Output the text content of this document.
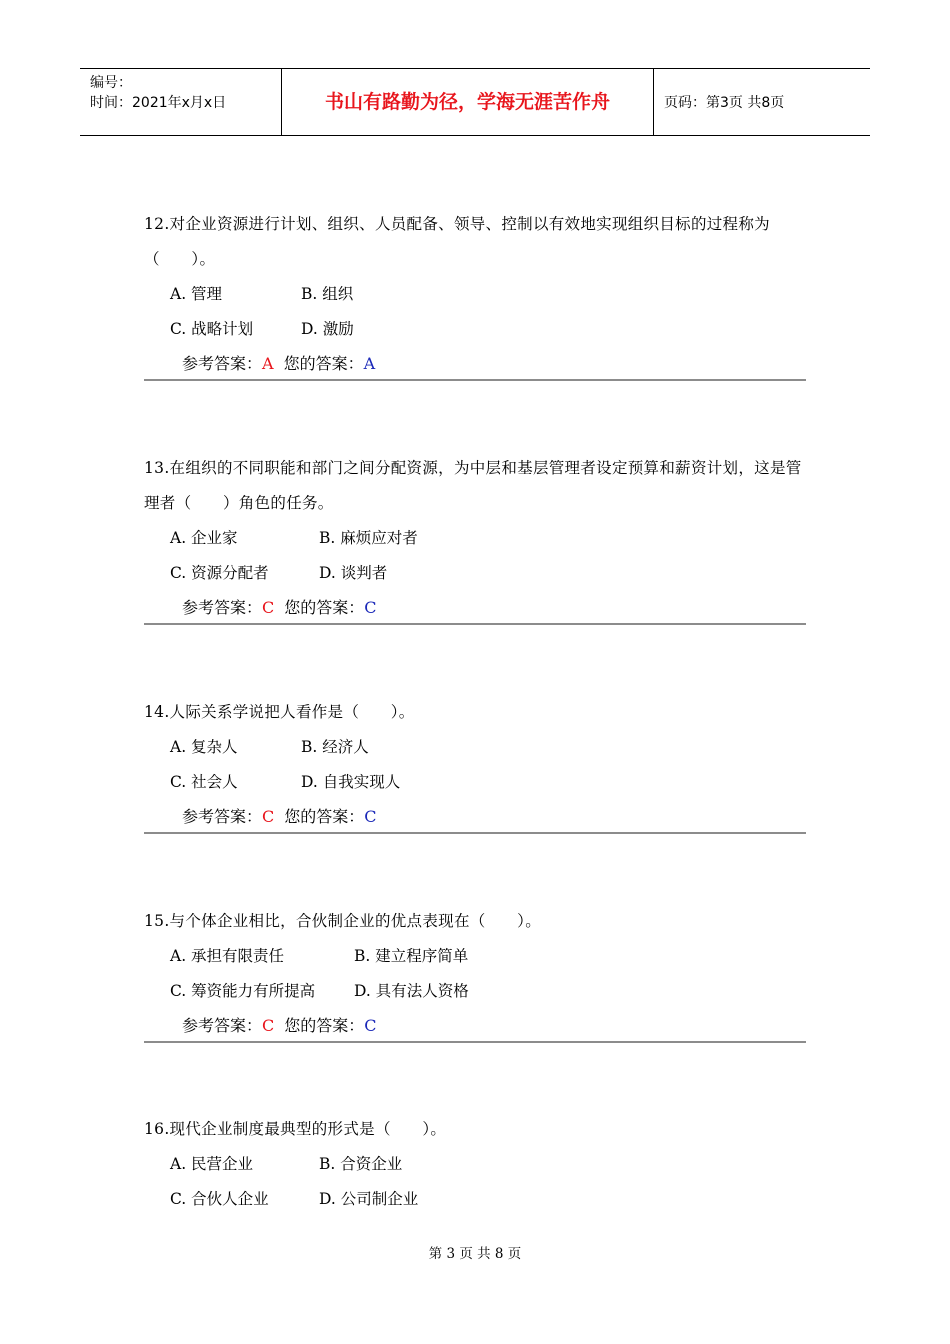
编号：
时间：2021年x月x日	书山有路勤为径，学海无涯苦作舟	页码：第3页 共8页
12.对企业资源进行计划、组织、人员配备、领导、控制以有效地实现组织目标的过程称为（　　）。
A. 管理	B. 组织
C. 战略计划	D. 激励
参考答案：A 您的答案：A
13.在组织的不同职能和部门之间分配资源，为中层和基层管理者设定预算和薪资计划，这是管理者（　　）角色的任务。
A. 企业家	B. 麻烦应对者
C. 资源分配者	D. 谈判者
参考答案：C 您的答案：C
14.人际关系学说把人看作是（　　）。
A. 复杂人	B. 经济人
C. 社会人	D. 自我实现人
参考答案：C 您的答案：C
15.与个体企业相比，合伙制企业的优点表现在（　　）。
A. 承担有限责任	B. 建立程序简单
C. 筹资能力有所提高	D. 具有法人资格
参考答案：C 您的答案：C
16.现代企业制度最典型的形式是（　　）。
A. 民营企业	B. 合资企业
C. 合伙人企业	D. 公司制企业
第 3 页 共 8 页
